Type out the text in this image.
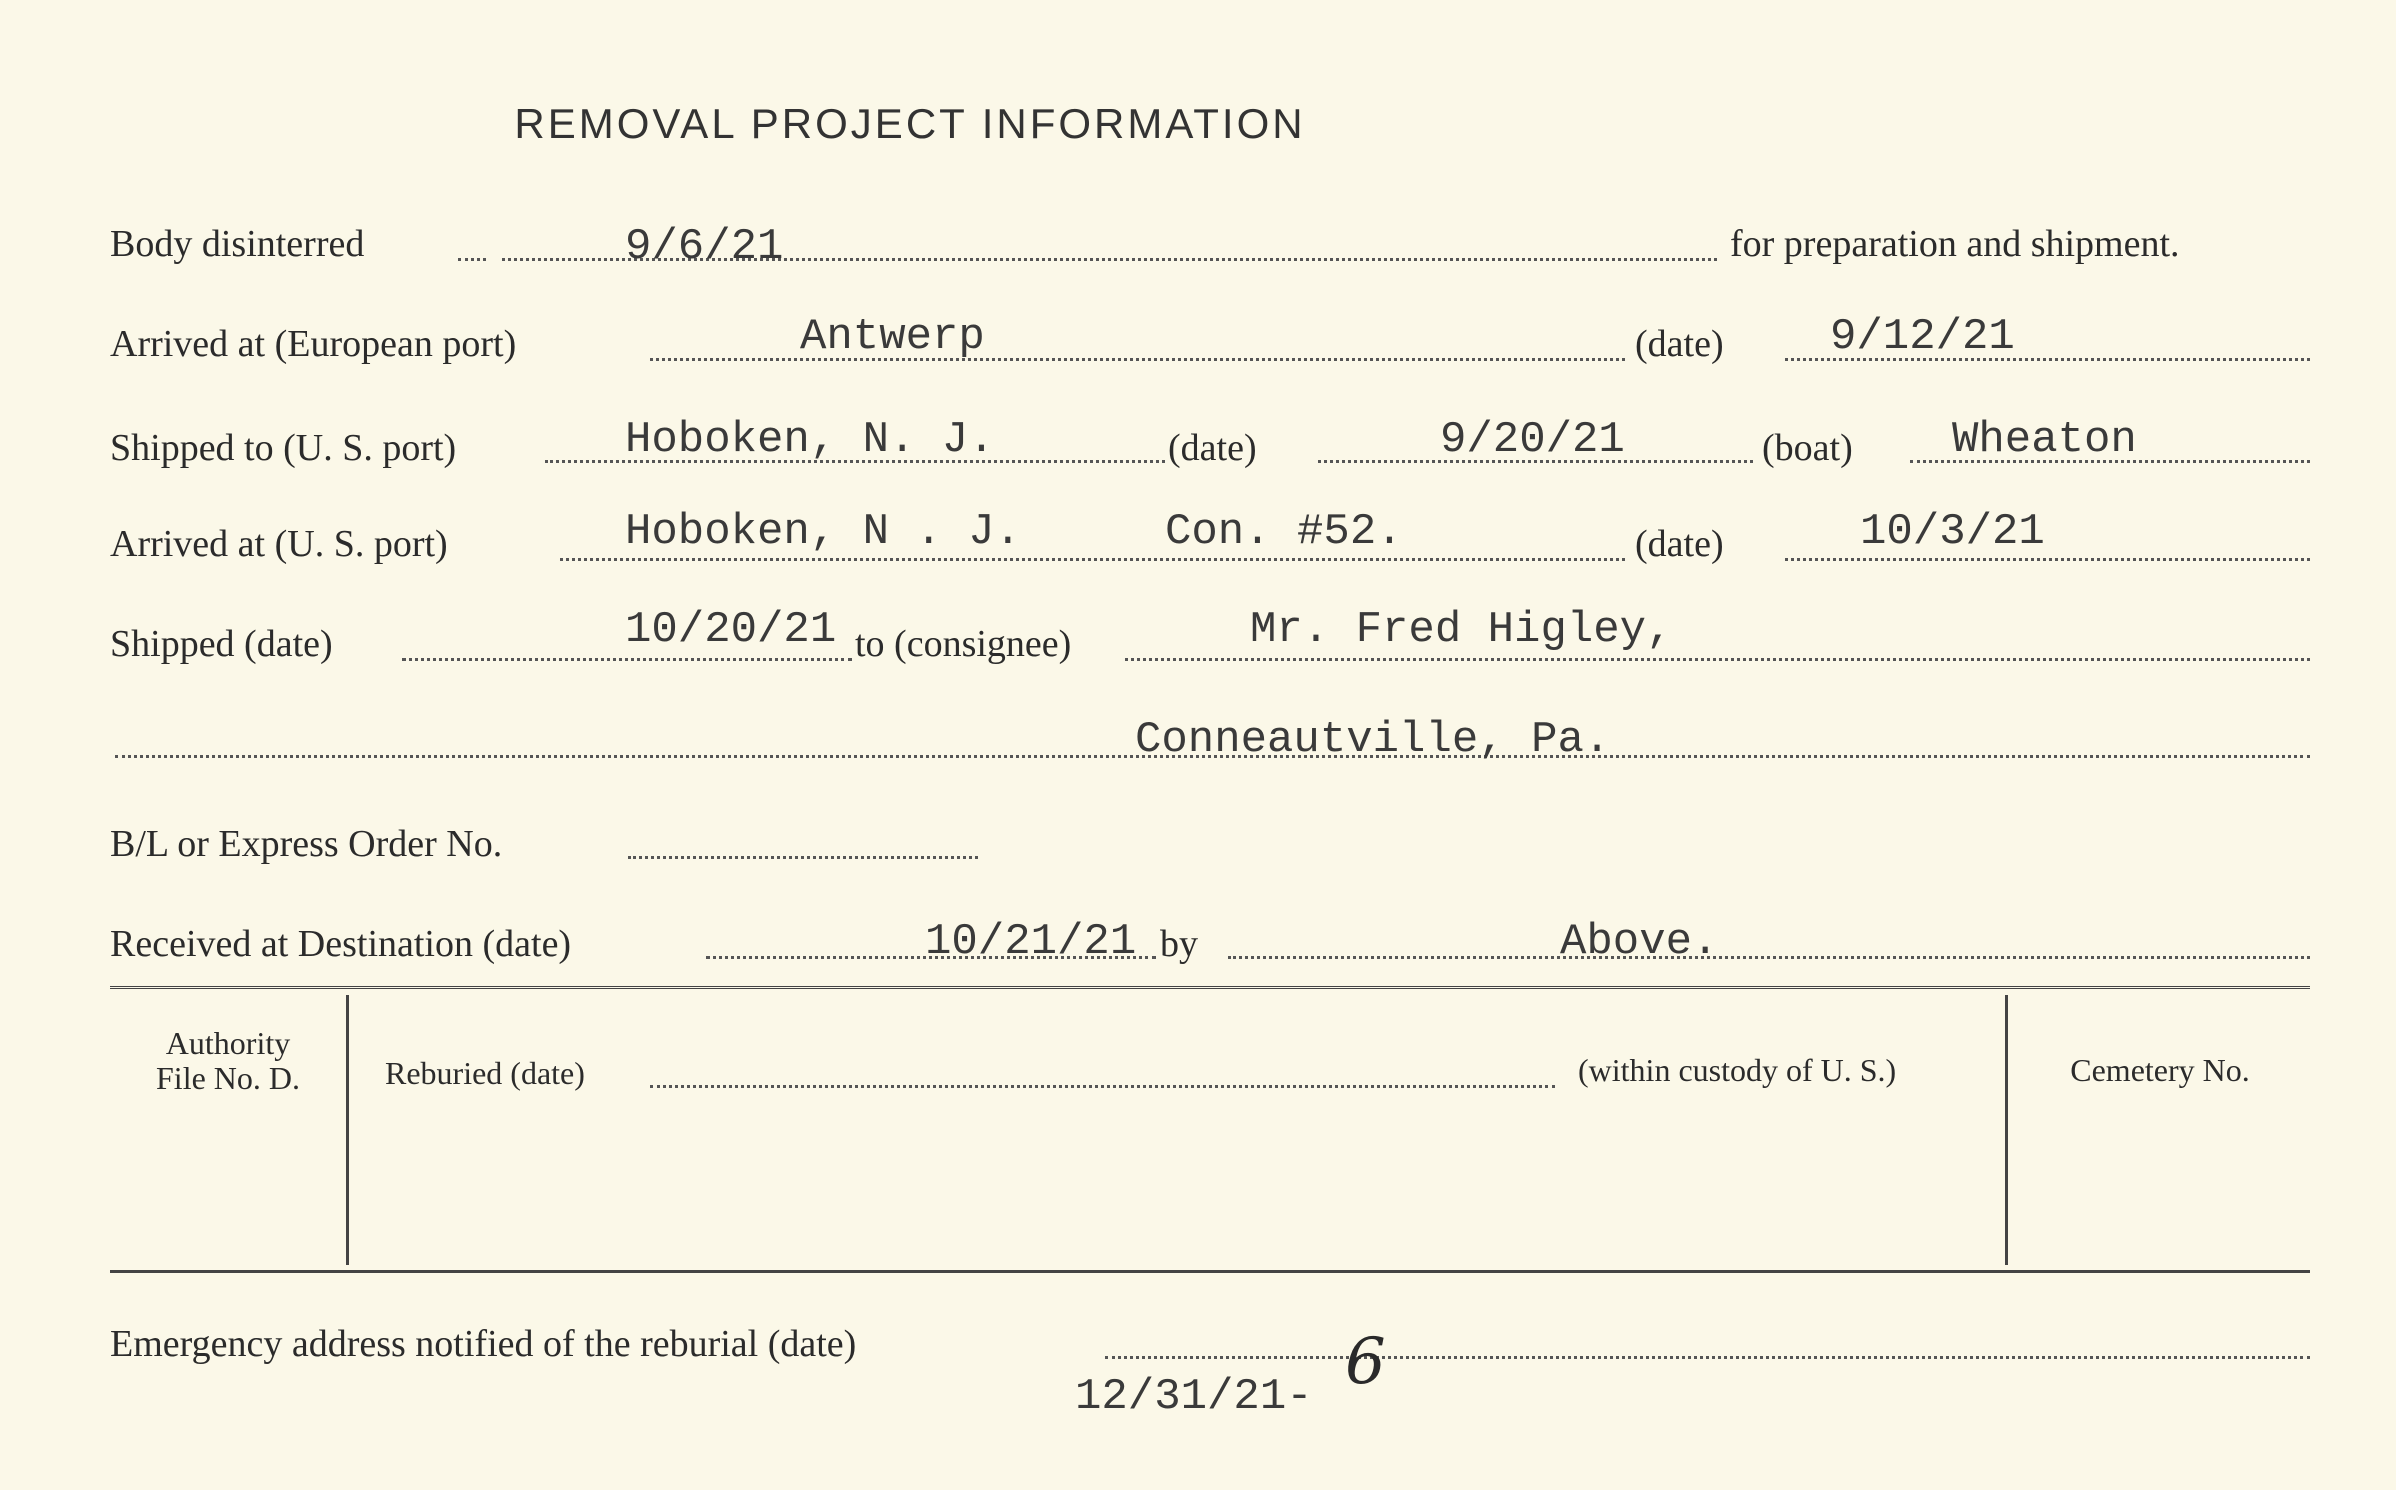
REMOVAL PROJECT INFORMATION
Body disinterred	9/6/21	for preparation and shipment.
Arrived at (European port)	Antwerp	(date) 9/12/21
Shipped to (U. S. port)	Hoboken, N. J.	(date)	9/20/21	(boat) Wheaton
Arrived at (U. S. port)	Hoboken, N . J.	Con. #52.	(date)	10/3/21
Shipped (date)	10/20/21 to (consignee)	Mr. Fred Higley,
Conneautville, Pa.
B/L or Express Order No.
Received at Destination (date)	10/21/21 by	Above.
Authority
File No. D.	Reburied (date)	(within custody of U. S.)	Cemetery No.
Emergency address notified of the reburial (date)
12/31/21- 6
